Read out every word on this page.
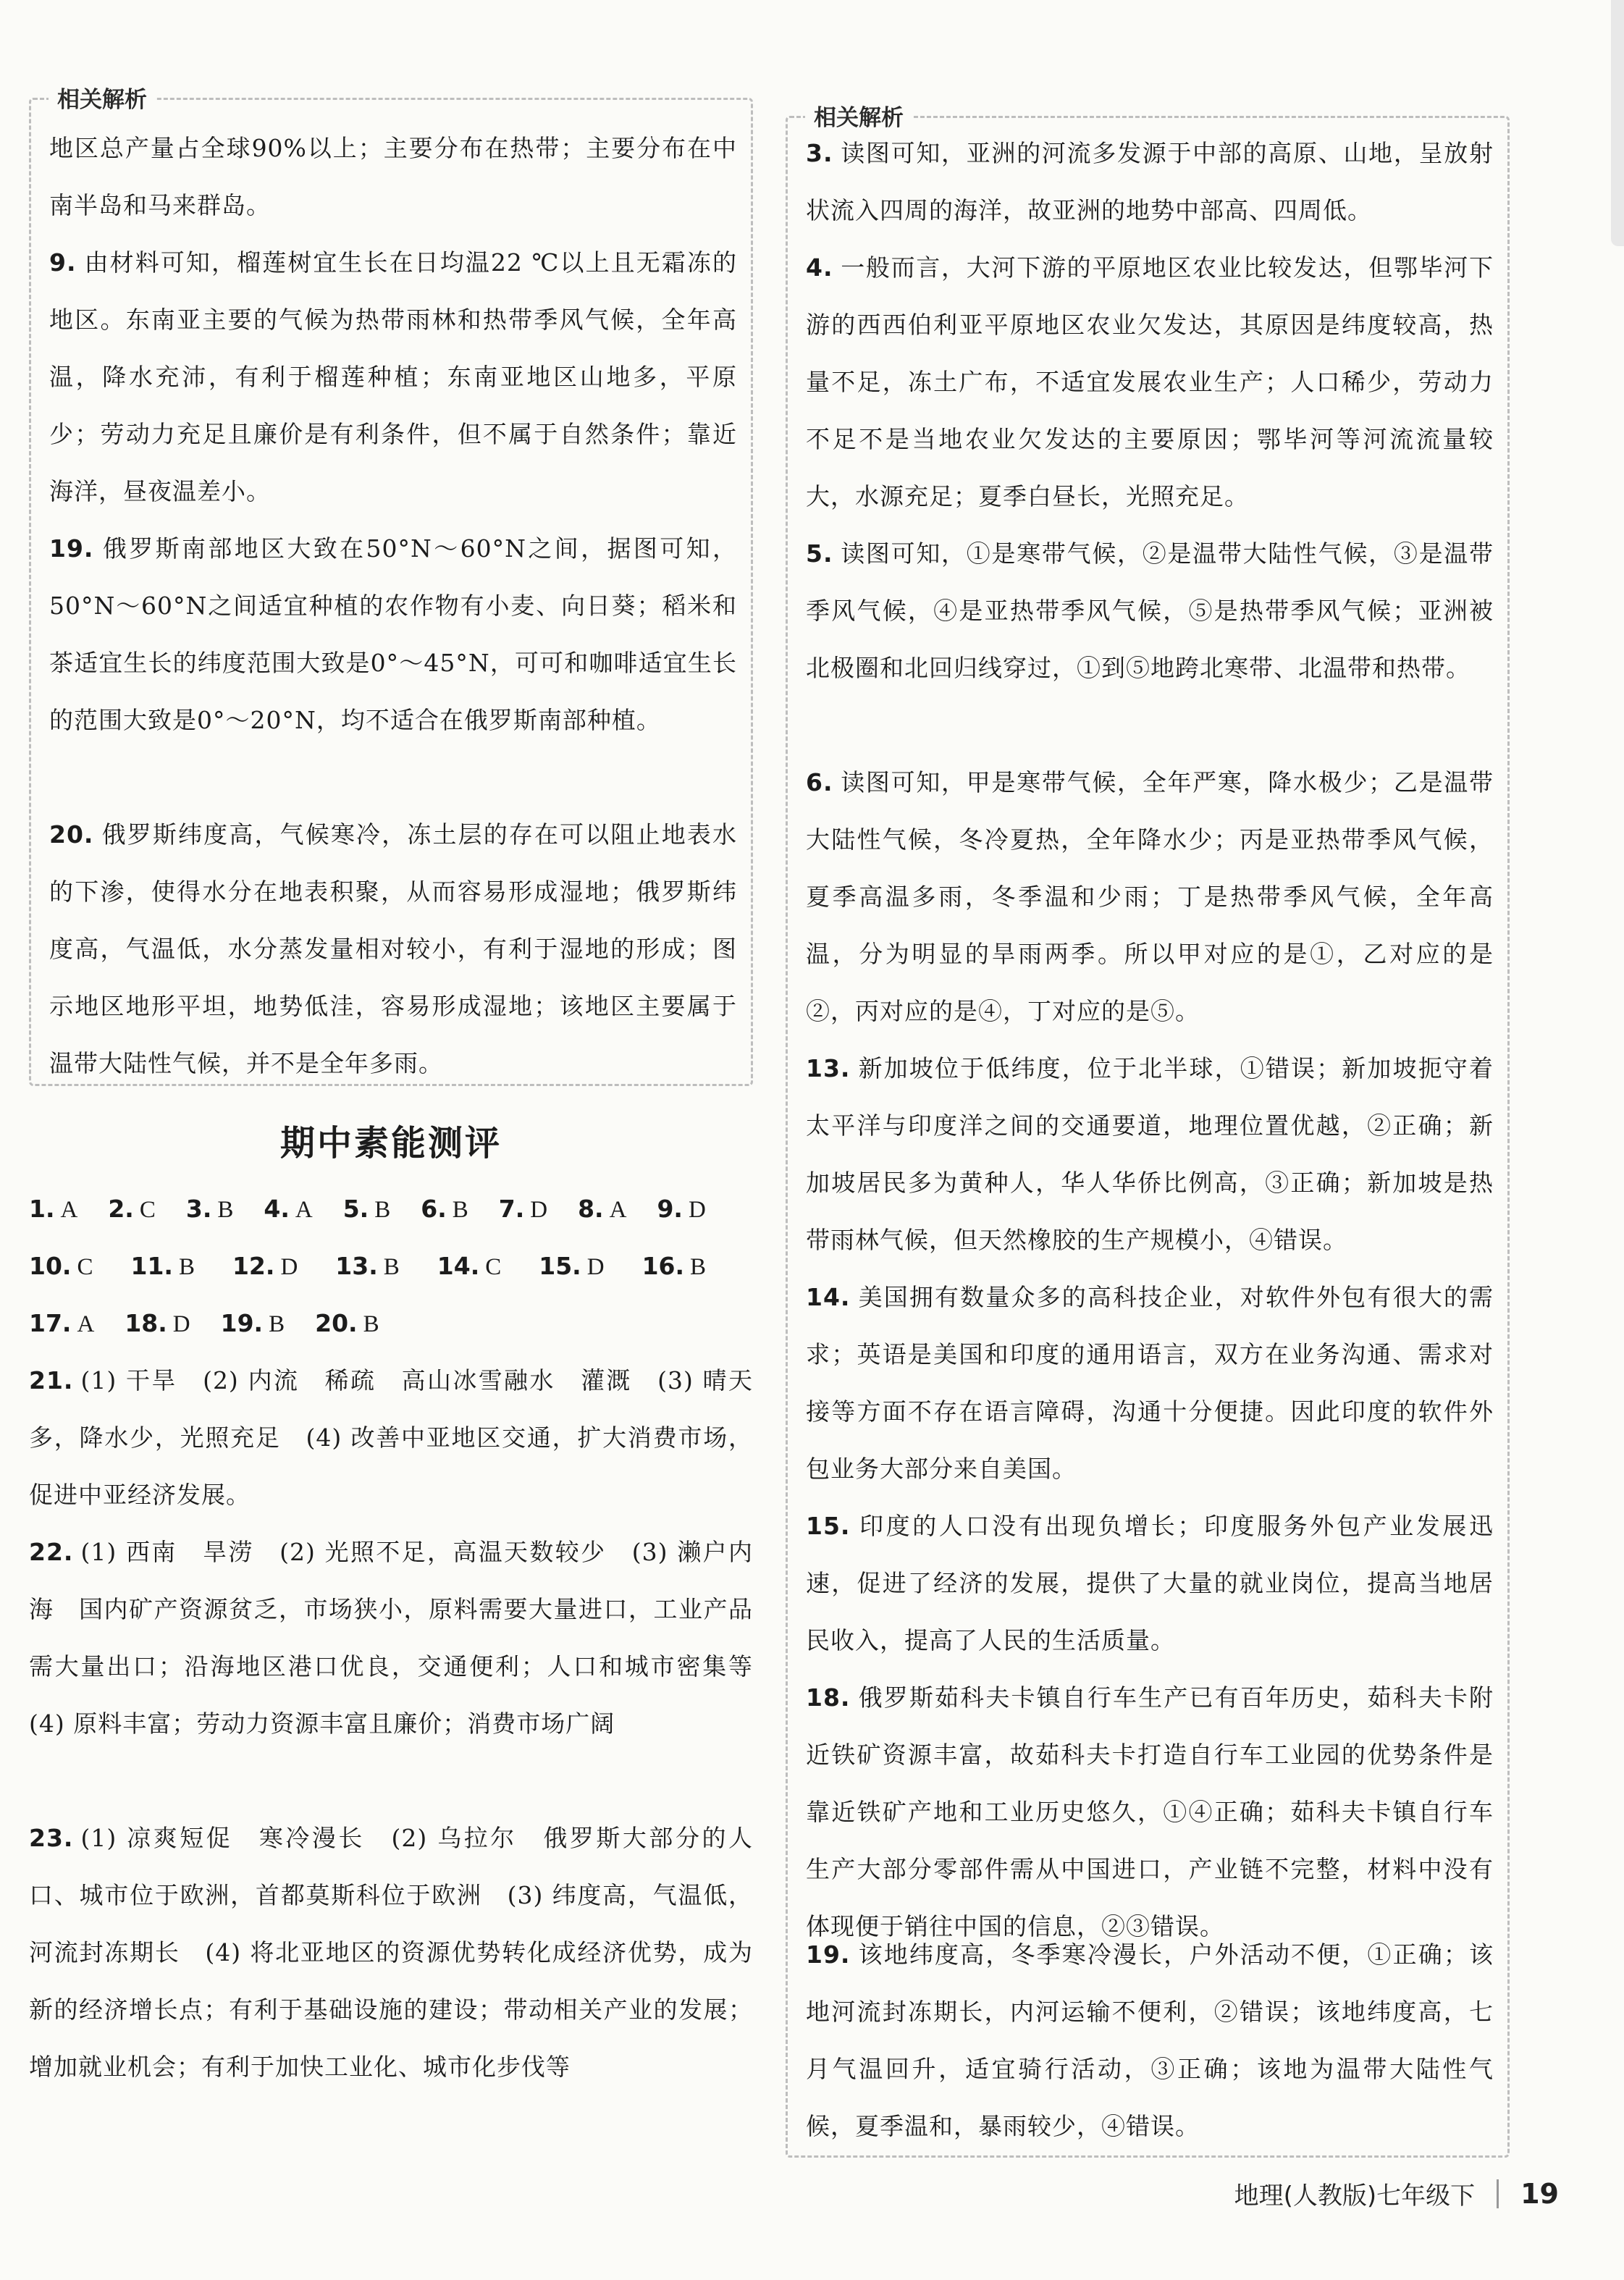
相关解析

地区总产量占全球90%以上；主要分布在热带；主要分布在中南半岛和马来群岛。

9. 由材料可知，榴莲树宜生长在日均温22 ℃以上且无霜冻的地区。东南亚主要的气候为热带雨林和热带季风气候，全年高温，降水充沛，有利于榴莲种植；东南亚地区山地多，平原少；劳动力充足且廉价是有利条件，但不属于自然条件；靠近海洋，昼夜温差小。

19. 俄罗斯南部地区大致在50°N～60°N之间，据图可知，50°N～60°N之间适宜种植的农作物有小麦、向日葵；稻米和茶适宜生长的纬度范围大致是0°～45°N，可可和咖啡适宜生长的范围大致是0°～20°N，均不适合在俄罗斯南部种植。

20. 俄罗斯纬度高，气候寒冷，冻土层的存在可以阻止地表水的下渗，使得水分在地表积聚，从而容易形成湿地；俄罗斯纬度高，气温低，水分蒸发量相对较小，有利于湿地的形成；图示地区地形平坦，地势低洼，容易形成湿地；该地区主要属于温带大陆性气候，并不是全年多雨。

期中素能测评
1. A 2. C 3. B 4. A 5. B 6. B 7. D 8. A 9. D
10. C 11. B 12. D 13. B 14. C 15. D 16. B
17. A 18. D 19. B 20. B

21. (1) 干旱　(2) 内流　稀疏　高山冰雪融水　灌溉　(3) 晴天多，降水少，光照充足　(4) 改善中亚地区交通，扩大消费市场，促进中亚经济发展。

22. (1) 西南　旱涝　(2) 光照不足，高温天数较少　(3) 濑户内海　国内矿产资源贫乏，市场狭小，原料需要大量进口，工业产品需大量出口；沿海地区港口优良，交通便利；人口和城市密集等　(4) 原料丰富；劳动力资源丰富且廉价；消费市场广阔

23. (1) 凉爽短促　寒冷漫长　(2) 乌拉尔　俄罗斯大部分的人口、城市位于欧洲，首都莫斯科位于欧洲　(3) 纬度高，气温低，河流封冻期长　(4) 将北亚地区的资源优势转化成经济优势，成为新的经济增长点；有利于基础设施的建设；带动相关产业的发展；增加就业机会；有利于加快工业化、城市化步伐等

相关解析

3. 读图可知，亚洲的河流多发源于中部的高原、山地，呈放射状流入四周的海洋，故亚洲的地势中部高、四周低。

4. 一般而言，大河下游的平原地区农业比较发达，但鄂毕河下游的西西伯利亚平原地区农业欠发达，其原因是纬度较高，热量不足，冻土广布，不适宜发展农业生产；人口稀少，劳动力不足不是当地农业欠发达的主要原因；鄂毕河等河流流量较大，水源充足；夏季白昼长，光照充足。

5. 读图可知，①是寒带气候，②是温带大陆性气候，③是温带季风气候，④是亚热带季风气候，⑤是热带季风气候；亚洲被北极圈和北回归线穿过，①到⑤地跨北寒带、北温带和热带。

6. 读图可知，甲是寒带气候，全年严寒，降水极少；乙是温带大陆性气候，冬冷夏热，全年降水少；丙是亚热带季风气候，夏季高温多雨，冬季温和少雨；丁是热带季风气候，全年高温，分为明显的旱雨两季。所以甲对应的是①，乙对应的是②，丙对应的是④，丁对应的是⑤。

13. 新加坡位于低纬度，位于北半球，①错误；新加坡扼守着太平洋与印度洋之间的交通要道，地理位置优越，②正确；新加坡居民多为黄种人，华人华侨比例高，③正确；新加坡是热带雨林气候，但天然橡胶的生产规模小，④错误。

14. 美国拥有数量众多的高科技企业，对软件外包有很大的需求；英语是美国和印度的通用语言，双方在业务沟通、需求对接等方面不存在语言障碍，沟通十分便捷。因此印度的软件外包业务大部分来自美国。

15. 印度的人口没有出现负增长；印度服务外包产业发展迅速，促进了经济的发展，提供了大量的就业岗位，提高当地居民收入，提高了人民的生活质量。

18. 俄罗斯茹科夫卡镇自行车生产已有百年历史，茹科夫卡附近铁矿资源丰富，故茹科夫卡打造自行车工业园的优势条件是靠近铁矿产地和工业历史悠久，①④正确；茹科夫卡镇自行车生产大部分零部件需从中国进口，产业链不完整，材料中没有体现便于销往中国的信息，②③错误。

19. 该地纬度高，冬季寒冷漫长，户外活动不便，①正确；该地河流封冻期长，内河运输不便利，②错误；该地纬度高，七月气温回升，适宜骑行活动，③正确；该地为温带大陆性气候，夏季温和，暴雨较少，④错误。

地理(人教版)七年级下 19
